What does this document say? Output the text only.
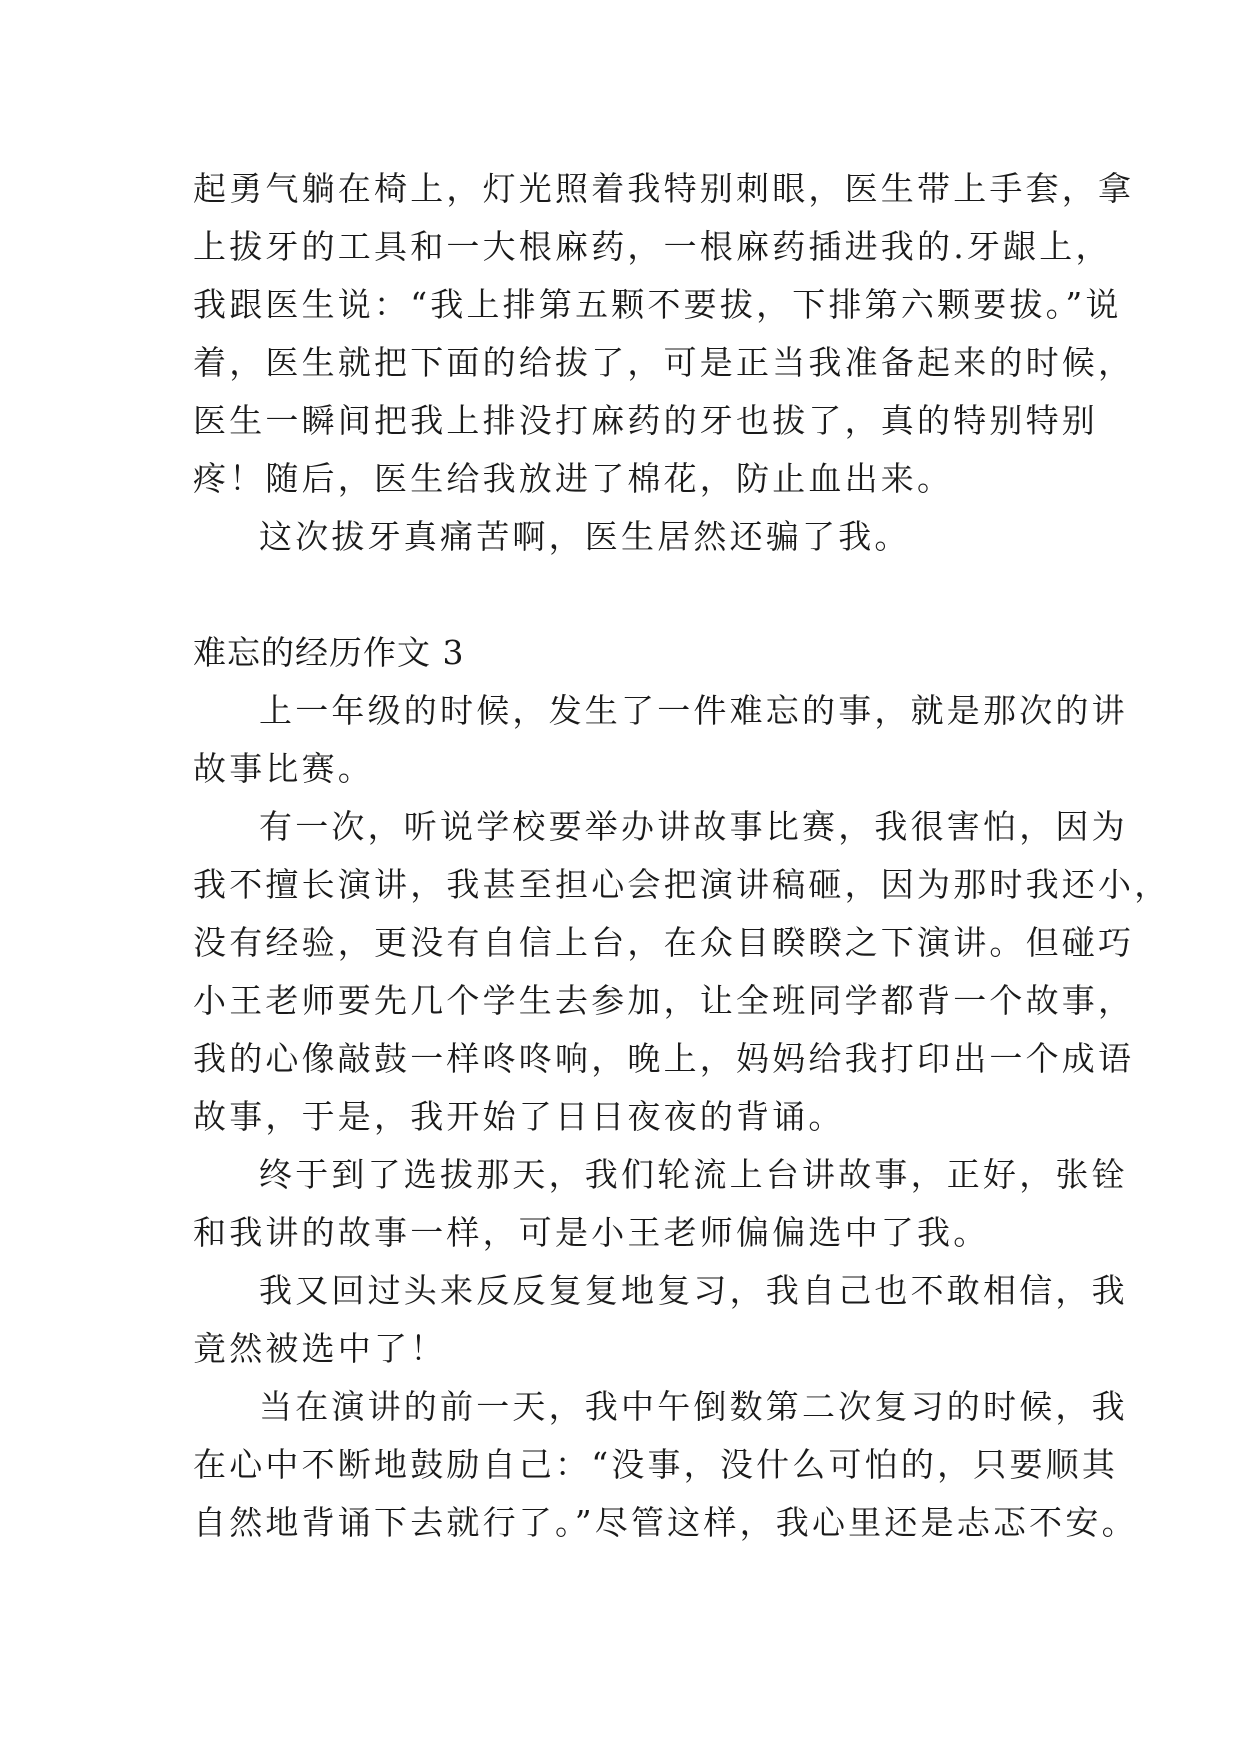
起勇气躺在椅上，灯光照着我特别刺眼，医生带上手套，拿
上拔牙的工具和一大根麻药，一根麻药插进我的.牙龈上，
我跟医生说：“我上排第五颗不要拔，下排第六颗要拔。”说
着，医生就把下面的给拔了，可是正当我准备起来的时候，
医生一瞬间把我上排没打麻药的牙也拔了，真的特别特别
疼！随后，医生给我放进了棉花，防止血出来。
这次拔牙真痛苦啊，医生居然还骗了我。
难忘的经历作文 3
上一年级的时候，发生了一件难忘的事，就是那次的讲
故事比赛。
有一次，听说学校要举办讲故事比赛，我很害怕，因为
我不擅长演讲，我甚至担心会把演讲稿砸，因为那时我还小，
没有经验，更没有自信上台，在众目睽睽之下演讲。但碰巧
小王老师要先几个学生去参加，让全班同学都背一个故事，
我的心像敲鼓一样咚咚响，晚上，妈妈给我打印出一个成语
故事，于是，我开始了日日夜夜的背诵。
终于到了选拔那天，我们轮流上台讲故事，正好，张铨
和我讲的故事一样，可是小王老师偏偏选中了我。
我又回过头来反反复复地复习，我自己也不敢相信，我
竟然被选中了！
当在演讲的前一天，我中午倒数第二次复习的时候，我
在心中不断地鼓励自己：“没事，没什么可怕的，只要顺其
自然地背诵下去就行了。”尽管这样，我心里还是忐忑不安。
